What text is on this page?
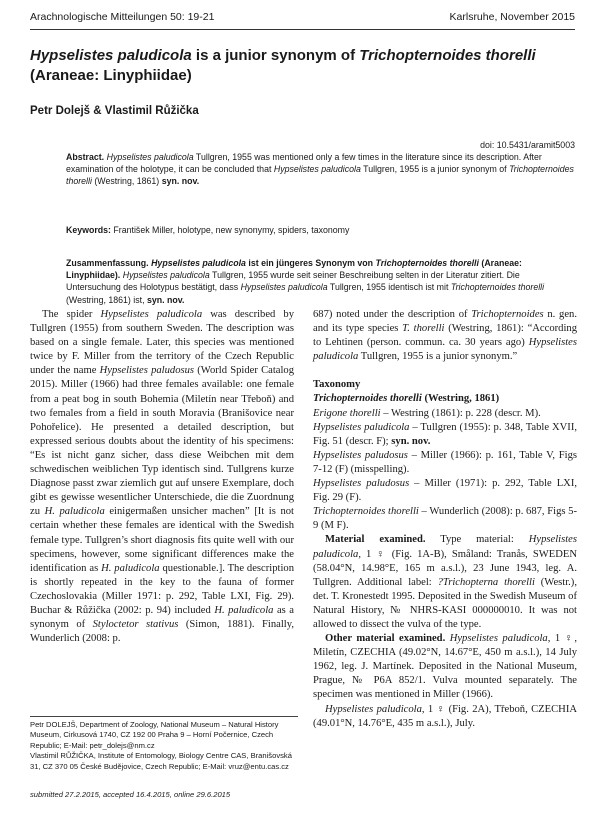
Arachnologische Mitteilungen 50: 19-21	Karlsruhe, November 2015
Hypselistes paludicola is a junior synonym of Trichopternoides thorelli
(Araneae: Linyphiidae)
Petr Dolejš & Vlastimil Růžička
doi: 10.5431/aramit5003

Abstract. Hypselistes paludicola Tullgren, 1955 was mentioned only a few times in the literature since its description. After examination of the holotype, it can be concluded that Hypselistes paludicola Tullgren, 1955 is a junior synonym of Trichopternoides thorelli (Westring, 1861) syn. nov.

Keywords: František Miller, holotype, new synonymy, spiders, taxonomy

Zusammenfassung. Hypselistes paludicola ist ein jüngeres Synonym von Trichopternoides thorelli (Araneae: Linyphiidae). Hypselistes paludicola Tullgren, 1955 wurde seit seiner Beschreibung selten in der Literatur zitiert. Die Untersuchung des Holotypus bestätigt, dass Hypselistes paludicola Tullgren, 1955 identisch ist mit Trichopternoides thorelli (Westring, 1861) ist, syn. nov.

The spider Hypselistes paludicola was described by Tullgren (1955) from southern Sweden. The description was based on a single female. Later, this species was mentioned twice by F. Miller from the territory of the Czech Republic under the name Hypselistes paludosus (World Spider Catalog 2015). Miller (1966) had three females available: one female from a peat bog in south Bohemia (Miletín near Třeboň) and two females from a field in south Moravia (Branišovice near Pohořelice). He presented a detailed description, but expressed serious doubts about the identity of his specimens: “Es ist nicht ganz sicher, dass diese Weibchen mit dem schwedischen weiblichen Typ identisch sind. Tullgrens kurze Diagnose passt zwar ziemlich gut auf unsere Exemplare, doch gibt es gewisse wesentlicher Unterschiede, die die Zuordnung zu H. paludicola einigermaßen unsicher machen” [It is not certain whether these females are identical with the Swedish female type. Tullgren’s short diagnosis fits quite well with our specimens, however, some significant differences make the identification as H. paludicola questionable.]. The description is shortly repeated in the key to the fauna of former Czechoslovakia (Miller 1971: p. 292, Table LXI, Fig. 29). Buchar & Růžička (2002: p. 94) included H. paludicola as a synonym of Styloctetor stativus (Simon, 1881). Finally, Wunderlich (2008: p.

687) noted under the description of Trichopternoides n. gen. and its type species T. thorelli (Westring, 1861): “According to Lehtinen (person. commun. ca. 30 years ago) Hypselistes paludicola Tullgren, 1955 is a junior synonym.”

Taxonomy

Trichopternoides thorelli (Westring, 1861)

Erigone thorelli – Westring (1861): p. 228 (descr. M).

Hypselistes paludicola – Tullgren (1955): p. 348, Table XVII, Fig. 51 (descr. F); syn. nov.

Hypselistes paludosus – Miller (1966): p. 161, Table V, Figs 7-12 (F) (misspelling).

Hypselistes paludosus – Miller (1971): p. 292, Table LXI, Fig. 29 (F).

Trichopternoides thorelli – Wunderlich (2008): p. 687, Figs 5-9 (M F).

Material examined. Type material: Hypselistes paludicola, 1 ♀ (Fig. 1A-B), Småland: Tranås, SWEDEN (58.04°N, 14.98°E, 165 m a.s.l.), 23 June 1943, leg. A. Tullgren. Additional label: ?Trichopterna thorelli (Westr.), det. T. Kronestedt 1995. Deposited in the Swedish Museum of Natural History, № NHRS-KASI 000000010. It was not allowed to dissect the vulva of the type.

Other material examined. Hypselistes paludicola, 1 ♀, Miletín, CZECHIA (49.02°N, 14.67°E, 450 m a.s.l.), 14 July 1962, leg. J. Martínek. Deposited in the National Museum, Prague, № P6A 852/1. Vulva mounted separately. The specimen was mentioned in Miller (1966).

Hypselistes paludicola, 1 ♀ (Fig. 2A), Třeboň, CZECHIA (49.01°N, 14.76°E, 435 m a.s.l.), July.

Petr DOLEJŠ, Department of Zoology, National Museum – Natural History Museum, Cirkusová 1740, CZ 192 00 Praha 9 – Horní Počernice, Czech Republic; E-Mail: petr_dolejs@nm.cz
Vlastimil RŮŽIČKA, Institute of Entomology, Biology Centre CAS, Branišovská 31, CZ 370 05 České Budějovice, Czech Republic; E-Mail: vruz@entu.cas.cz
submitted 27.2.2015, accepted 16.4.2015, online 29.6.2015
